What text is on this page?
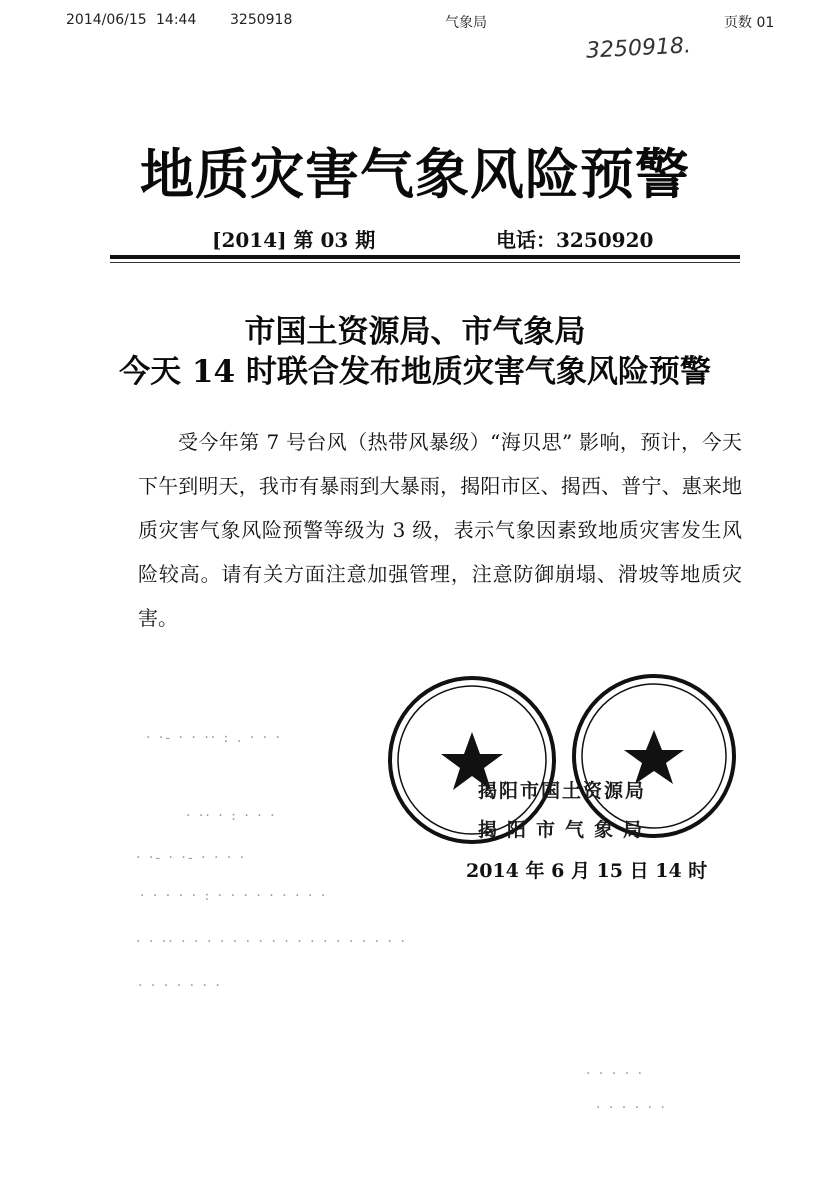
2014/06/15 14:44 3250918	气象局	页数 01
3250918.
地质灾害气象风险预警
[2014] 第 03 期	电话：3250920
市国土资源局、市气象局
今天 14 时联合发布地质灾害气象风险预警
受今年第 7 号台风（热带风暴级）“海贝思” 影响，预计，今天下午到明天，我市有暴雨到大暴雨，揭阳市区、揭西、普宁、惠来地质灾害气象风险预警等级为 3 级，表示气象因素致地质灾害发生风险较高。请有关方面注意加强管理，注意防御崩塌、滑坡等地质灾害。
揭阳市国土资源局
揭阳市气象局
2014 年 6 月 15 日 14 时
· ·- · · ·· : . · · ·
· ·· · : · · ·
· ·- · ·- · · · ·
· · · · · : · · · · · · · · ·
· · ·· · · · · · · · · · · · · · · · · · ·
· · · · · · ·
· · · · ·
· · · · · ·
